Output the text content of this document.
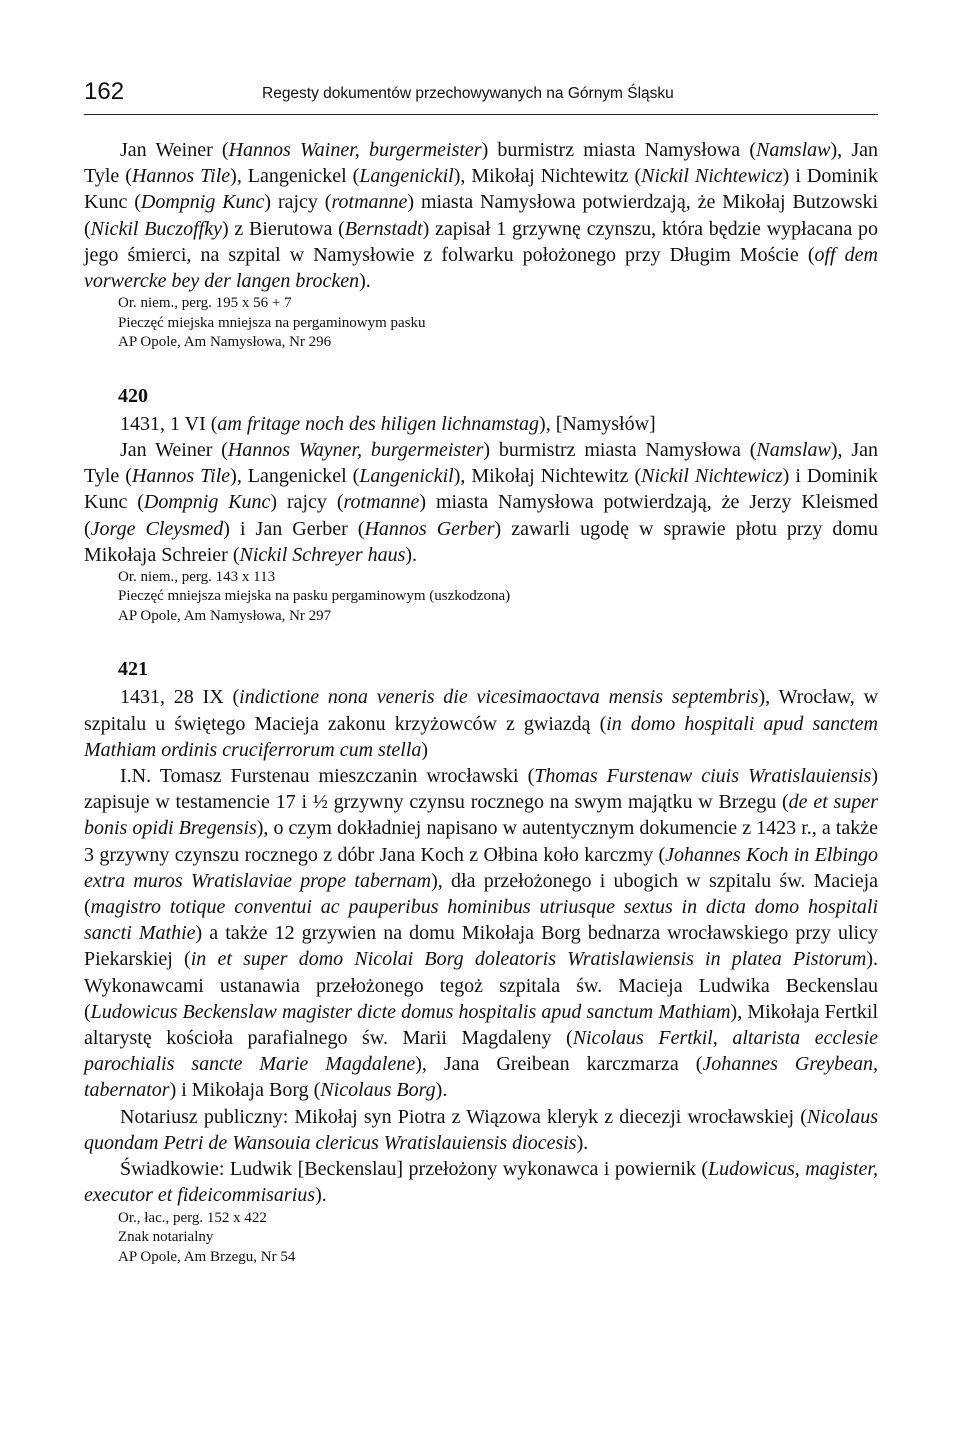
162	Regesty dokumentów przechowywanych na Górnym Śląsku

Jan Weiner (Hannos Wainer, burgermeister) burmistrz miasta Namysłowa (Namslaw), Jan Tyle (Hannos Tile), Langenickel (Langenickil), Mikołaj Nichtewitz (Nickil Nichtewicz) i Dominik Kunc (Dompnig Kunc) rajcy (rotmanne) miasta Namysłowa potwierdzają, że Mikołaj Butzowski (Nickil Buczoffky) z Bierutowa (Bernstadt) zapisał 1 grzywnę czynszu, która będzie wypłacana po jego śmierci, na szpital w Namysłowie z folwarku położonego przy Długim Moście (off dem vorwercke bey der langen brocken).

Or. niem., perg. 195 x 56 + 7
Pieczęć miejska mniejsza na pergaminowym pasku
AP Opole, Am Namysłowa, Nr 296
420

1431, 1 VI (am fritage noch des hiligen lichnamstag), [Namysłów]

Jan Weiner (Hannos Wayner, burgermeister) burmistrz miasta Namysłowa (Namslaw), Jan Tyle (Hannos Tile), Langenickel (Langenickil), Mikołaj Nichtewitz (Nickil Nichtewicz) i Dominik Kunc (Dompnig Kunc) rajcy (rotmanne) miasta Namysłowa potwierdzają, że Jerzy Kleismed (Jorge Cleysmed) i Jan Gerber (Hannos Gerber) zawarli ugodę w sprawie płotu przy domu Mikołaja Schreier (Nickil Schreyer haus).

Or. niem., perg. 143 x 113
Pieczęć mniejsza miejska na pasku pergaminowym (uszkodzona)
AP Opole, Am Namysłowa, Nr 297
421

1431, 28 IX (indictione nona veneris die vicesimaoctava mensis septembris), Wrocław, w szpitalu u świętego Macieja zakonu krzyżowców z gwiazdą (in domo hospitali apud sanctem Mathiam ordinis cruciferrorum cum stella)

I.N. Tomasz Furstenau mieszczanin wrocławski (Thomas Furstenaw ciuis Wratislauiensis) zapisuje w testamencie 17 i ½ grzywny czynsu rocznego na swym majątku w Brzegu (de et super bonis opidi Bregensis), o czym dokładniej napisano w autentycznym dokumencie z 1423 r., a także 3 grzywny czynszu rocznego z dóbr Jana Koch z Ołbina koło karczmy (Johannes Koch in Elbingo extra muros Wratislaviae prope tabernam), dła przełożonego i ubogich w szpitalu św. Macieja (magistro totique conventui ac pauperibus hominibus utriusque sextus in dicta domo hospitali sancti Mathie) a także 12 grzywien na domu Mikołaja Borg bednarza wrocławskiego przy ulicy Piekarskiej (in et super domo Nicolai Borg doleatoris Wratislawiensis in platea Pistorum). Wykonawcami ustanawia przełożonego tegoż szpitala św. Macieja Ludwika Beckenslau (Ludowicus Beckenslaw magister dicte domus hospitalis apud sanctum Mathiam), Mikołaja Fertkil altarystę kościoła parafialnego św. Marii Magdaleny (Nicolaus Fertkil, altarista ecclesie parochialis sancte Marie Magdalene), Jana Greibean karczmarza (Johannes Greybean, tabernator) i Mikołaja Borg (Nicolaus Borg).

Notariusz publiczny: Mikołaj syn Piotra z Wiązowa kleryk z diecezji wrocławskiej (Nicolaus quondam Petri de Wansouia clericus Wratislauiensis diocesis).

Świadkowie: Ludwik [Beckenslau] przełożony wykonawca i powiernik (Ludowicus, magister, executor et fideicommisarius).

Or., łac., perg. 152 x 422
Znak notarialny
AP Opole, Am Brzegu, Nr 54
